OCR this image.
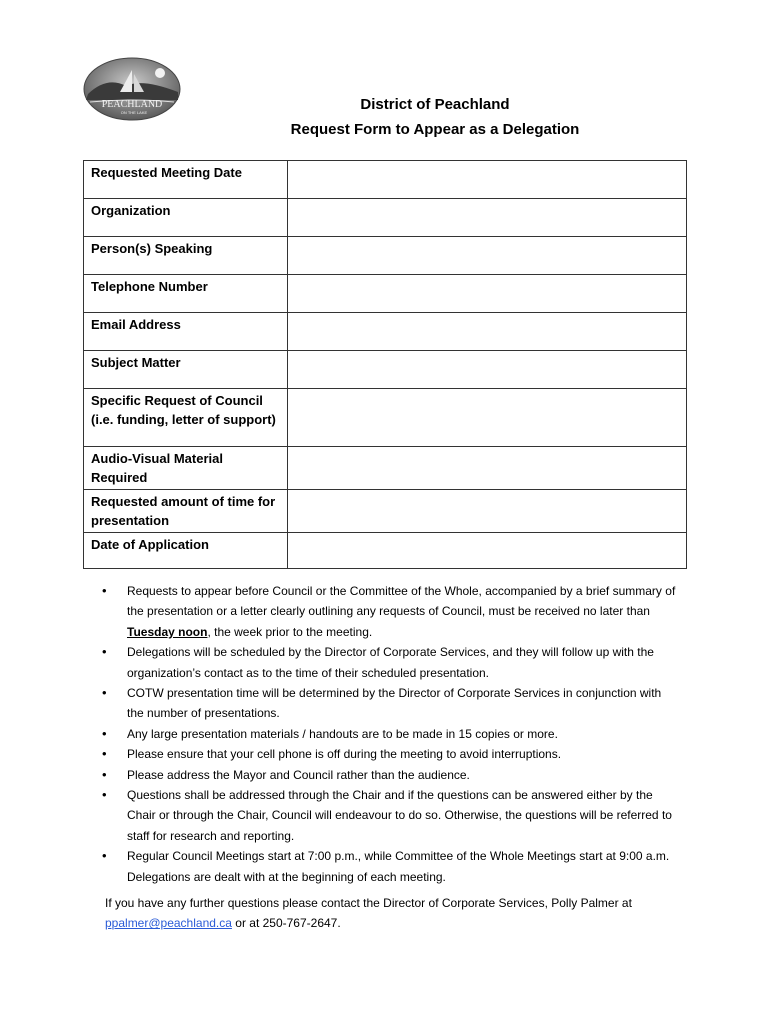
PEACHLAND
ON THE LAKE	District of Peachland
Request Form to Appear as a Delegation
Requested Meeting Date	
Organization	
Person(s) Speaking	
Telephone Number	
Email Address	
Subject Matter	
Specific Request of Council (i.e. funding, letter of support)	
Audio-Visual Material Required	
Requested amount of time for presentation	
Date of Application	
• Requests to appear before Council or the Committee of the Whole, accompanied by a brief summary of the presentation or a letter clearly outlining any requests of Council, must be received no later than Tuesday noon, the week prior to the meeting.
• Delegations will be scheduled by the Director of Corporate Services, and they will follow up with the organization’s contact as to the time of their scheduled presentation.
• COTW presentation time will be determined by the Director of Corporate Services in conjunction with the number of presentations.
• Any large presentation materials / handouts are to be made in 15 copies or more.
• Please ensure that your cell phone is off during the meeting to avoid interruptions.
• Please address the Mayor and Council rather than the audience.
• Questions shall be addressed through the Chair and if the questions can be answered either by the Chair or through the Chair, Council will endeavour to do so. Otherwise, the questions will be referred to staff for research and reporting.
• Regular Council Meetings start at 7:00 p.m., while Committee of the Whole Meetings start at 9:00 a.m. Delegations are dealt with at the beginning of each meeting.
If you have any further questions please contact the Director of Corporate Services, Polly Palmer at ppalmer@peachland.ca or at 250-767-2647.
